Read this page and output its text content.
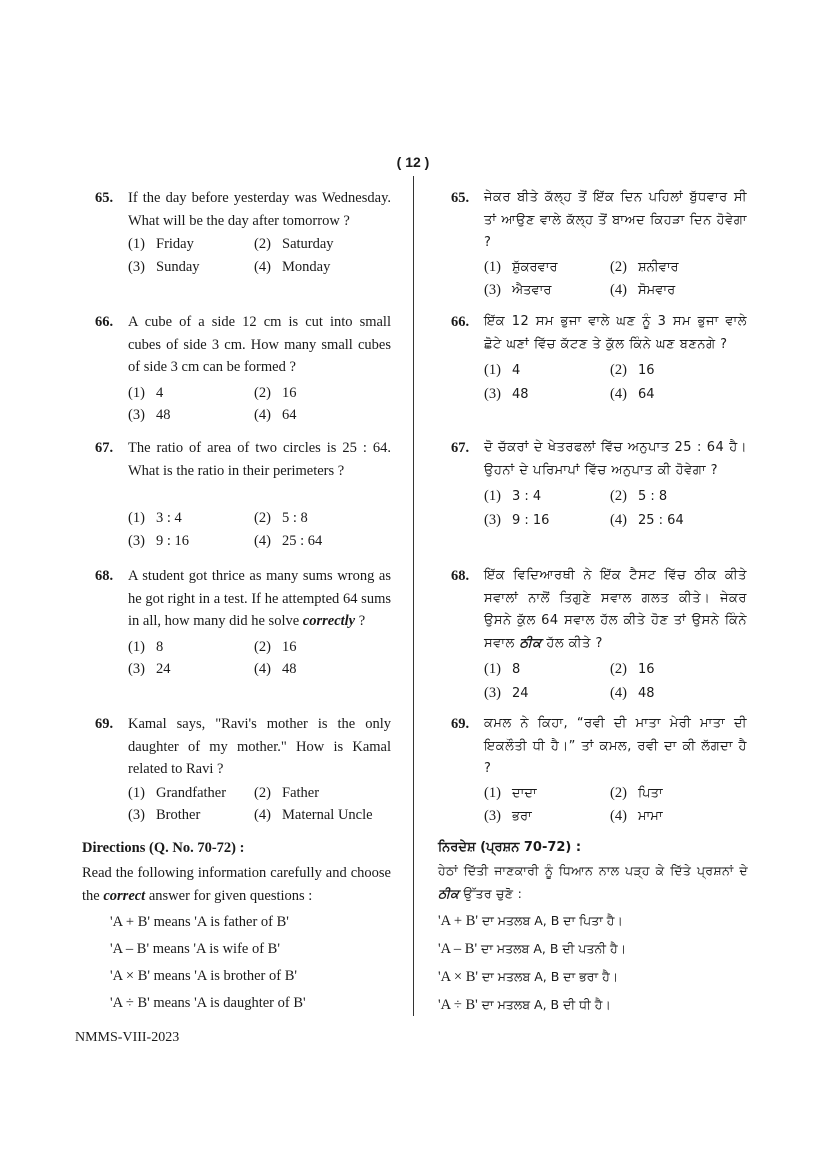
( 12 )
65. If the day before yesterday was Wednesday. What will be the day after tomorrow ?
(1) Friday	(2) Saturday
(3) Sunday	(4) Monday
66. A cube of a side 12 cm is cut into small cubes of side 3 cm. How many small cubes of side 3 cm can be formed ?
(1) 4	(2) 16
(3) 48	(4) 64
67. The ratio of area of two circles is 25 : 64. What is the ratio in their perimeters ?
(1) 3 : 4	(2) 5 : 8
(3) 9 : 16	(4) 25 : 64
68. A student got thrice as many sums wrong as he got right in a test. If he attempted 64 sums in all, how many did he solve correctly ?
(1) 8	(2) 16
(3) 24	(4) 48
69. Kamal says, "Ravi's mother is the only daughter of my mother." How is Kamal related to Ravi ?
(1) Grandfather	(2) Father
(3) Brother	(4) Maternal Uncle
Directions (Q. No. 70-72) :
Read the following information carefully and choose the correct answer for given questions :
'A + B' means 'A is father of B'
'A – B' means 'A is wife of B'
'A × B' means 'A is brother of B'
'A ÷ B' means 'A is daughter of B'
65. ਜੇਕਰ ਬੀਤੇ ਕੱਲ੍ਹ ਤੋਂ ਇੱਕ ਦਿਨ ਪਹਿਲਾਂ ਬੁੱਧਵਾਰ ਸੀ ਤਾਂ ਆਉਣ ਵਾਲੇ ਕੱਲ੍ਹ ਤੋਂ ਬਾਅਦ ਕਿਹੜਾ ਦਿਨ ਹੋਵੇਗਾ ?
(1) ਸ਼ੁੱਕਰਵਾਰ	(2) ਸ਼ਨੀਵਾਰ
(3) ਐਤਵਾਰ	(4) ਸੋਮਵਾਰ
66. ਇੱਕ 12 ਸਮ ਭੁਜਾ ਵਾਲੇ ਘਣ ਨੂੰ 3 ਸਮ ਭੁਜਾ ਵਾਲੇ ਛੋਟੇ ਘਣਾਂ ਵਿੱਚ ਕੱਟਣ ਤੇ ਕੁੱਲ ਕਿੰਨੇ ਘਣ ਬਣਨਗੇ ?
(1) 4	(2) 16
(3) 48	(4) 64
67. ਦੋ ਚੱਕਰਾਂ ਦੇ ਖੇਤਰਫਲਾਂ ਵਿੱਚ ਅਨੁਪਾਤ 25 : 64 ਹੈ। ਉਹਨਾਂ ਦੇ ਪਰਿਮਾਪਾਂ ਵਿੱਚ ਅਨੁਪਾਤ ਕੀ ਹੋਵੇਗਾ ?
(1) 3 : 4	(2) 5 : 8
(3) 9 : 16	(4) 25 : 64
68. ਇੱਕ ਵਿਦਿਆਰਥੀ ਨੇ ਇੱਕ ਟੈਸਟ ਵਿੱਚ ਠੀਕ ਕੀਤੇ ਸਵਾਲਾਂ ਨਾਲੋਂ ਤਿਗੁਣੇ ਸਵਾਲ ਗਲਤ ਕੀਤੇ। ਜੇਕਰ ਉਸਨੇ ਕੁੱਲ 64 ਸਵਾਲ ਹੱਲ ਕੀਤੇ ਹੋਣ ਤਾਂ ਉਸਨੇ ਕਿੰਨੇ ਸਵਾਲ ਠੀਕ ਹੱਲ ਕੀਤੇ ?
(1) 8	(2) 16
(3) 24	(4) 48
69. ਕਮਲ ਨੇ ਕਿਹਾ, “ਰਵੀ ਦੀ ਮਾਤਾ ਮੇਰੀ ਮਾਤਾ ਦੀ ਇਕਲੌਤੀ ਧੀ ਹੈ।” ਤਾਂ ਕਮਲ, ਰਵੀ ਦਾ ਕੀ ਲੱਗਦਾ ਹੈ ?
(1) ਦਾਦਾ	(2) ਪਿਤਾ
(3) ਭਰਾ	(4) ਮਾਮਾ
ਨਿਰਦੇਸ਼ (ਪ੍ਰਸ਼ਨ 70-72) :
ਹੇਠਾਂ ਦਿੱਤੀ ਜਾਣਕਾਰੀ ਨੂੰ ਧਿਆਨ ਨਾਲ ਪੜ੍ਹ ਕੇ ਦਿੱਤੇ ਪ੍ਰਸ਼ਨਾਂ ਦੇ ਠੀਕ ਉੱਤਰ ਚੁਣੋ :
'A + B' ਦਾ ਮਤਲਬ A, B ਦਾ ਪਿਤਾ ਹੈ।
'A – B' ਦਾ ਮਤਲਬ A, B ਦੀ ਪਤਨੀ ਹੈ।
'A × B' ਦਾ ਮਤਲਬ A, B ਦਾ ਭਰਾ ਹੈ।
'A ÷ B' ਦਾ ਮਤਲਬ A, B ਦੀ ਧੀ ਹੈ।
NMMS-VIII-2023
